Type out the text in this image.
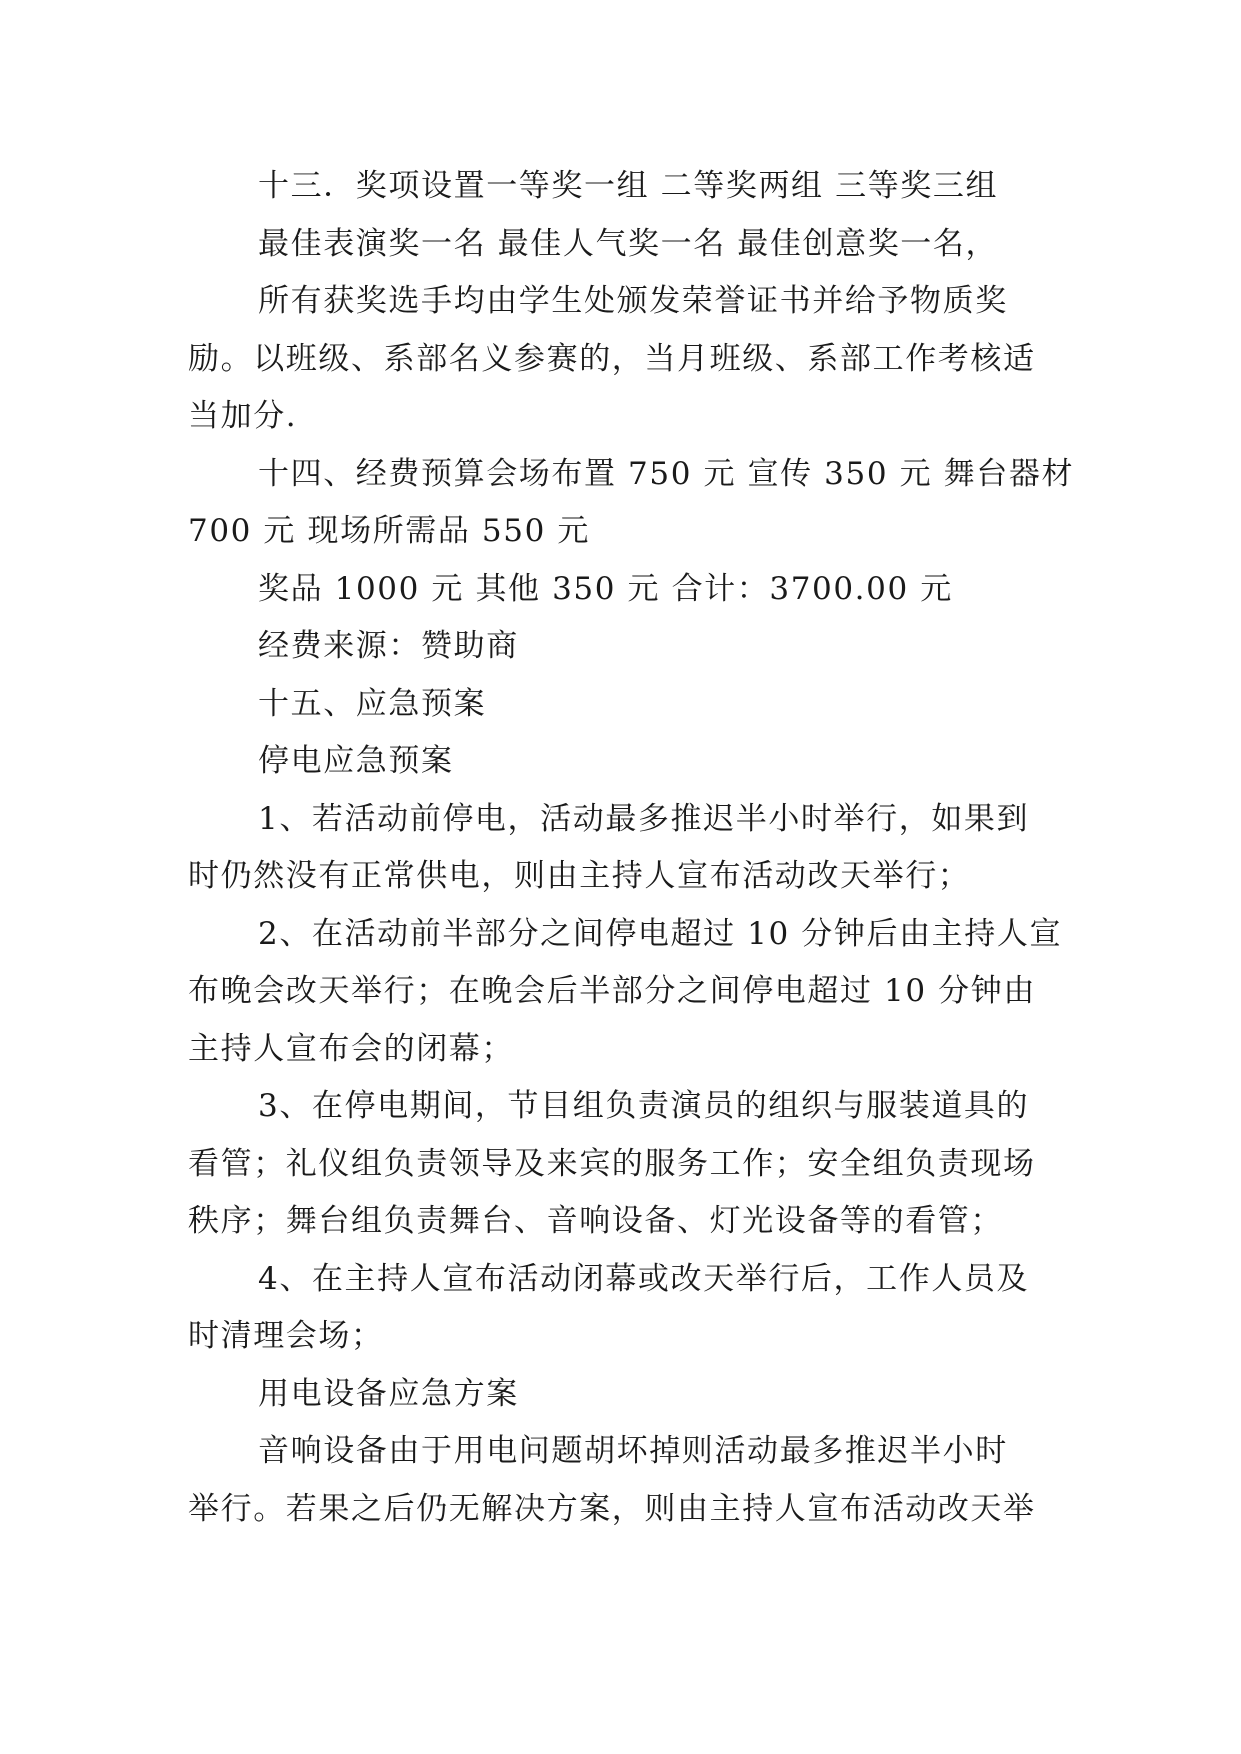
十三．奖项设置一等奖一组 二等奖两组 三等奖三组
最佳表演奖一名 最佳人气奖一名 最佳创意奖一名，
所有获奖选手均由学生处颁发荣誉证书并给予物质奖
励。以班级、系部名义参赛的，当月班级、系部工作考核适
当加分.
十四、经费预算会场布置 750 元 宣传 350 元 舞台器材
700 元 现场所需品 550 元
奖品 1000 元 其他 350 元 合计：3700.00 元
经费来源：赞助商
十五、应急预案
停电应急预案
1、若活动前停电，活动最多推迟半小时举行，如果到
时仍然没有正常供电，则由主持人宣布活动改天举行；
2、在活动前半部分之间停电超过 10 分钟后由主持人宣
布晚会改天举行；在晚会后半部分之间停电超过 10 分钟由
主持人宣布会的闭幕；
3、在停电期间，节目组负责演员的组织与服装道具的
看管；礼仪组负责领导及来宾的服务工作；安全组负责现场
秩序；舞台组负责舞台、音响设备、灯光设备等的看管；
4、在主持人宣布活动闭幕或改天举行后，工作人员及
时清理会场；
用电设备应急方案
音响设备由于用电问题胡坏掉则活动最多推迟半小时
举行。若果之后仍无解决方案，则由主持人宣布活动改天举
